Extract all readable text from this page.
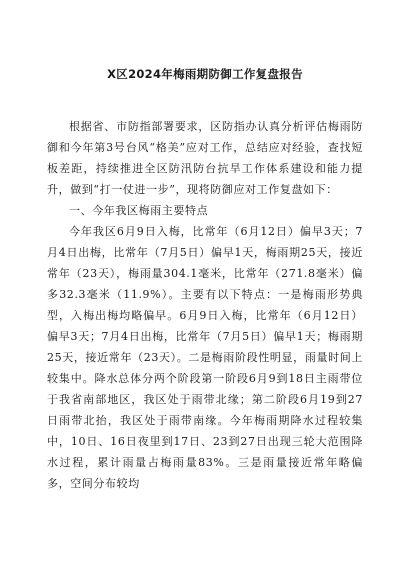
X区2024年梅雨期防御工作复盘报告

根据省、市防指部署要求，区防指办认真分析评估梅雨防御和今年第3号台风“格美”应对工作，总结应对经验，查找短板差距，持续推进全区防汛防台抗旱工作体系建设和能力提升，做到“打一仗进一步”，现将防御应对工作复盘如下：

一、今年我区梅雨主要特点

今年我区6月9日入梅，比常年（6月12日）偏早3天；7月4日出梅，比常年（7月5日）偏早1天，梅雨期25天，接近常年（23天），梅雨量304.1毫米，比常年（271.8毫米）偏多32.3毫米（11.9%）。主要有以下特点：一是梅雨形势典型，入梅出梅均略偏早。6月9日入梅，比常年（6月12日）偏早3天；7月4日出梅，比常年（7月5日）偏早1天；梅雨期25天，接近常年（23天）。二是梅雨阶段性明显，雨量时间上较集中。降水总体分两个阶段第一阶段6月9到18日主雨带位于我省南部地区，我区处于雨带北缘；第二阶段6月19到27日雨带北抬，我区处于雨带南缘。今年梅雨期降水过程较集中，10日、16日夜里到17日、23到27日出现三轮大范围降水过程，累计雨量占梅雨量83%。三是雨量接近常年略偏多，空间分布较均
